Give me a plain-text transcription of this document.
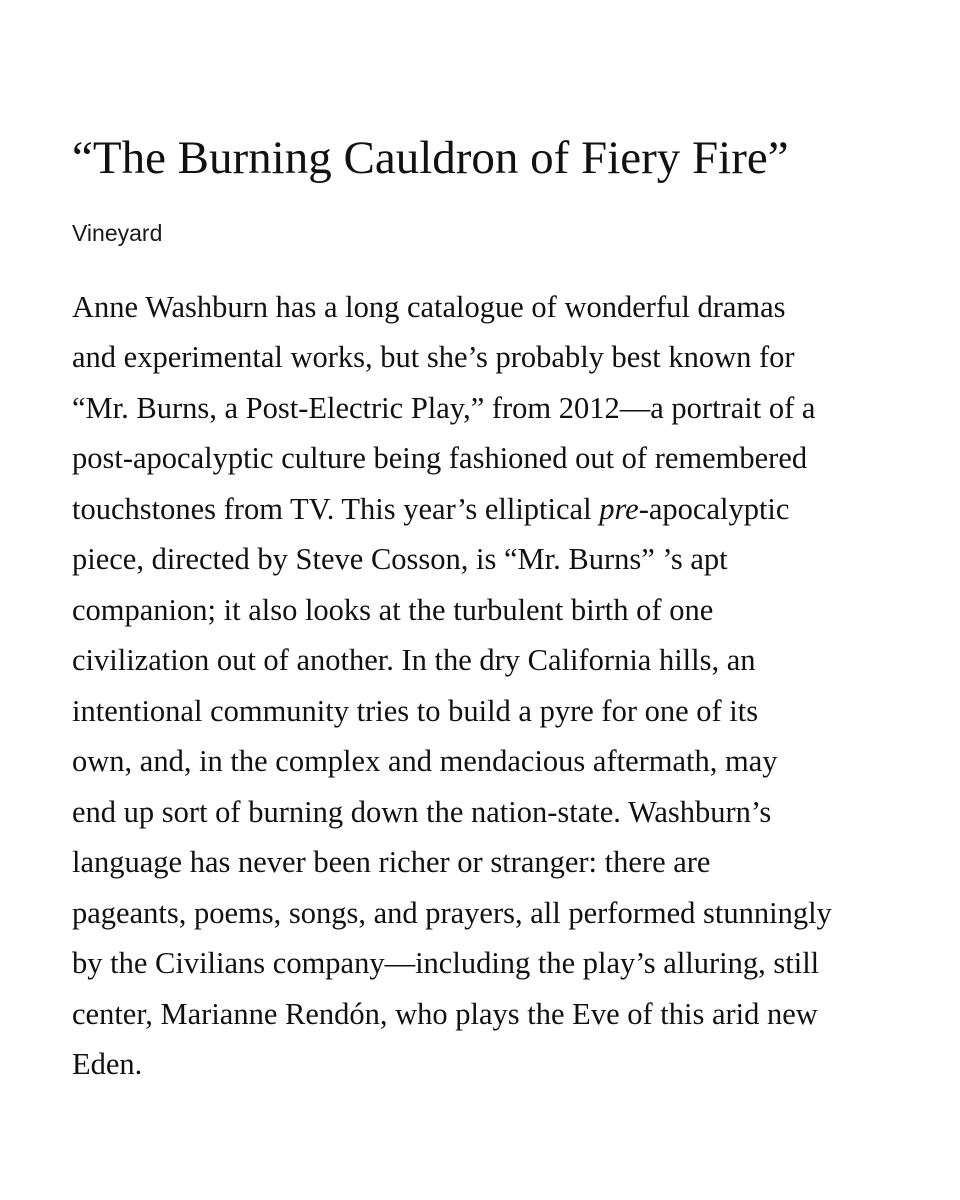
“The Burning Cauldron of Fiery Fire”
Vineyard
Anne Washburn has a long catalogue of wonderful dramas
and experimental works, but she’s probably best known for
“Mr. Burns, a Post-Electric Play,” from 2012—a portrait of a
post-apocalyptic culture being fashioned out of remembered
touchstones from TV. This year’s elliptical pre-apocalyptic
piece, directed by Steve Cosson, is “Mr. Burns” ’s apt
companion; it also looks at the turbulent birth of one
civilization out of another. In the dry California hills, an
intentional community tries to build a pyre for one of its
own, and, in the complex and mendacious aftermath, may
end up sort of burning down the nation-state. Washburn’s
language has never been richer or stranger: there are
pageants, poems, songs, and prayers, all performed stunningly
by the Civilians company—including the play’s alluring, still
center, Marianne Rendón, who plays the Eve of this arid new
Eden.
